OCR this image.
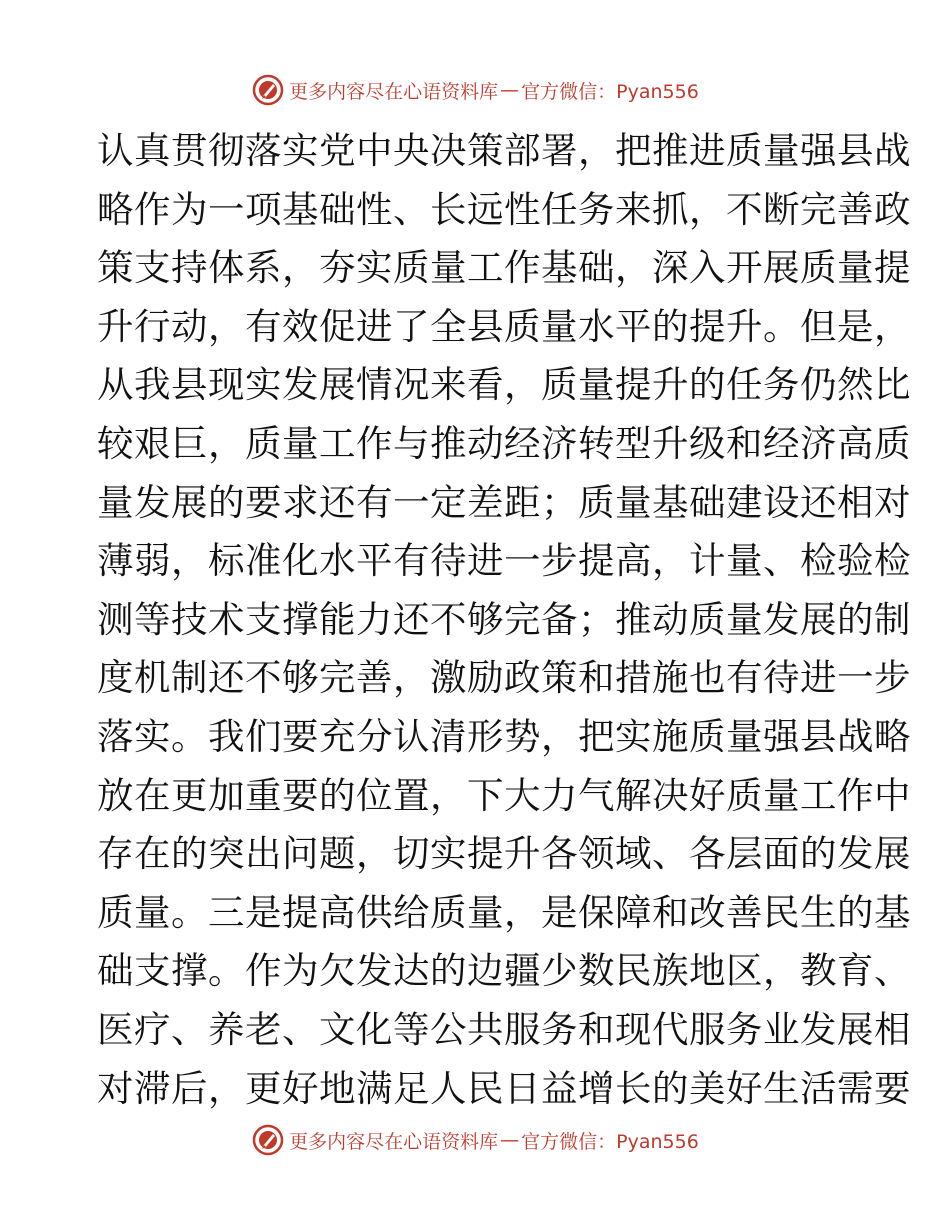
更多内容尽在心语资料库 — 官方微信：Pyan556
认真贯彻落实党中央决策部署，把推进质量强县战
略作为一项基础性、长远性任务来抓，不断完善政
策支持体系，夯实质量工作基础，深入开展质量提
升行动，有效促进了全县质量水平的提升。但是，
从我县现实发展情况来看，质量提升的任务仍然比
较艰巨，质量工作与推动经济转型升级和经济高质
量发展的要求还有一定差距；质量基础建设还相对
薄弱，标准化水平有待进一步提高，计量、检验检
测等技术支撑能力还不够完备；推动质量发展的制
度机制还不够完善，激励政策和措施也有待进一步
落实。我们要充分认清形势，把实施质量强县战略
放在更加重要的位置，下大力气解决好质量工作中
存在的突出问题，切实提升各领域、各层面的发展
质量。三是提高供给质量，是保障和改善民生的基
础支撑。作为欠发达的边疆少数民族地区，教育、
医疗、养老、文化等公共服务和现代服务业发展相
对滞后，更好地满足人民日益增长的美好生活需要
更多内容尽在心语资料库 — 官方微信：Pyan556
